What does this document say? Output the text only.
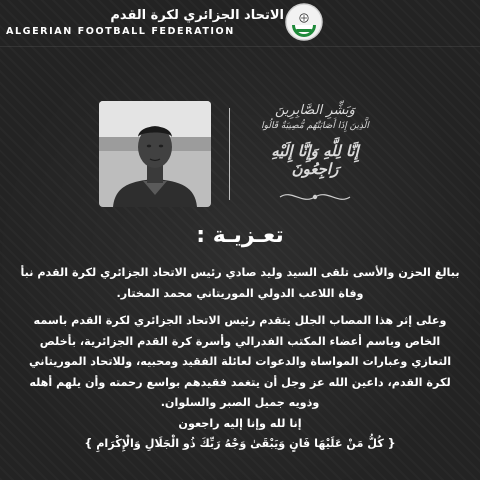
الاتحاد الجزائري لكرة القدم
ALGERIAN FOOTBALL FEDERATION
وَبَشِّرِ الصَّابِرِينَ
الَّذِينَ إِذَا أَصَابَتْهُم مُّصِيبَةٌ قَالُوا
إِنَّا لِلَّهِ وَإِنَّا إِلَيْهِ رَاجِعُونَ
تعـزيـة :

ببالغ الحزن والأسى تلقى السيد وليد صادي رئيس الاتحاد الجزائري لكرة القدم نبأ وفاة اللاعب الدولي الموريتاني محمد المختار.

وعلى إثر هذا المصاب الجلل يتقدم رئيس الاتحاد الجزائري لكرة القدم باسمه الخاص وباسم أعضاء المكتب الفدرالي وأسرة كرة القدم الجزائرية، بأخلص التعازي وعبارات المواساة والدعوات لعائلة الفقيد ومحبيه، وللاتحاد الموريتاني لكرة القدم، داعين الله عز وجل أن يتغمد فقيدهم بواسع رحمته وأن يلهم أهله وذويه جميل الصبر والسلوان.

إنا لله وإنا إليه راجعون

{ كُلُّ مَنْ عَلَيْهَا فَانٍ وَيَبْقَىٰ وَجْهُ رَبِّكَ ذُو الْجَلَالِ وَالْإِكْرَامِ }
